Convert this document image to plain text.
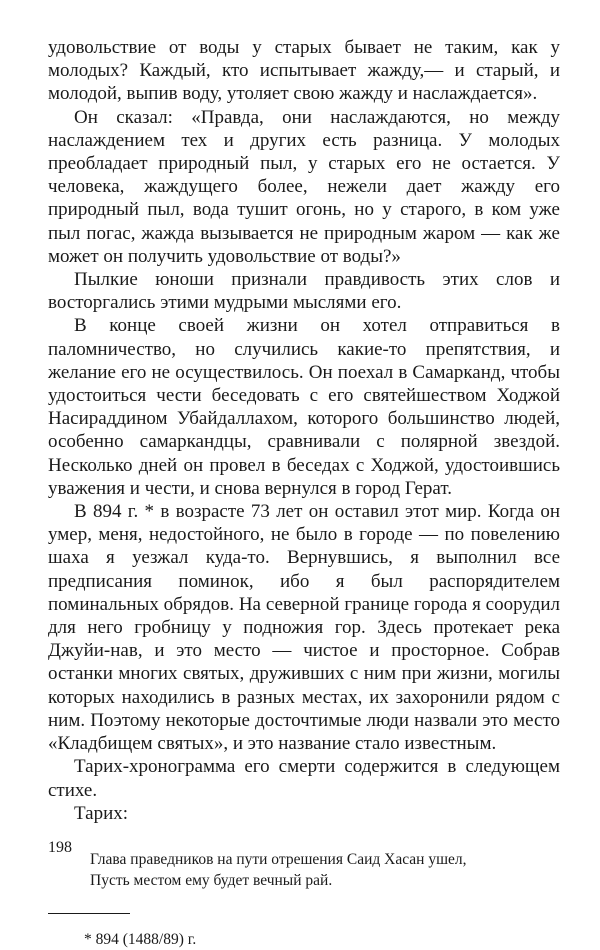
удовольствие от воды у старых бывает не таким, как у молодых? Каждый, кто испытывает жажду,— и старый, и молодой, выпив воду, утоляет свою жажду и наслаждается».

Он сказал: «Правда, они наслаждаются, но между наслаждением тех и других есть разница. У молодых преобладает природный пыл, у старых его не остается. У человека, жаждущего более, нежели дает жажду его природный пыл, вода тушит огонь, но у старого, в ком уже пыл погас, жажда вызывается не природным жаром — как же может он получить удовольствие от воды?»

Пылкие юноши признали правдивость этих слов и восторгались этими мудрыми мыслями его.

В конце своей жизни он хотел отправиться в паломничество, но случились какие-то препятствия, и желание его не осуществилось. Он поехал в Самарканд, чтобы удостоиться чести беседовать с его святейшеством Ходжой Насираддином Убайдаллахом, которого большинство людей, особенно самаркандцы, сравнивали с полярной звездой. Несколько дней он провел в беседах с Ходжой, удостоившись уважения и чести, и снова вернулся в город Герат.

В 894 г. * в возрасте 73 лет он оставил этот мир. Когда он умер, меня, недостойного, не было в городе — по повелению шаха я уезжал куда-то. Вернувшись, я выполнил все предписания поминок, ибо я был распорядителем поминальных обрядов. На северной границе города я соорудил для него гробницу у подножия гор. Здесь протекает река Джуйи-нав, и это место — чистое и просторное. Собрав останки многих святых, друживших с ним при жизни, могилы которых находились в разных местах, их захоронили рядом с ним. Поэтому некоторые досточтимые люди назвали это место «Кладбищем святых», и это название стало известным.

Тарих-хронограмма его смерти содержится в следующем стихе.

Тарих:

Глава праведников на пути отрешения Саид Хасан ушел,
Пусть местом ему будет вечный рай.
* 894 (1488/89) г.
198
